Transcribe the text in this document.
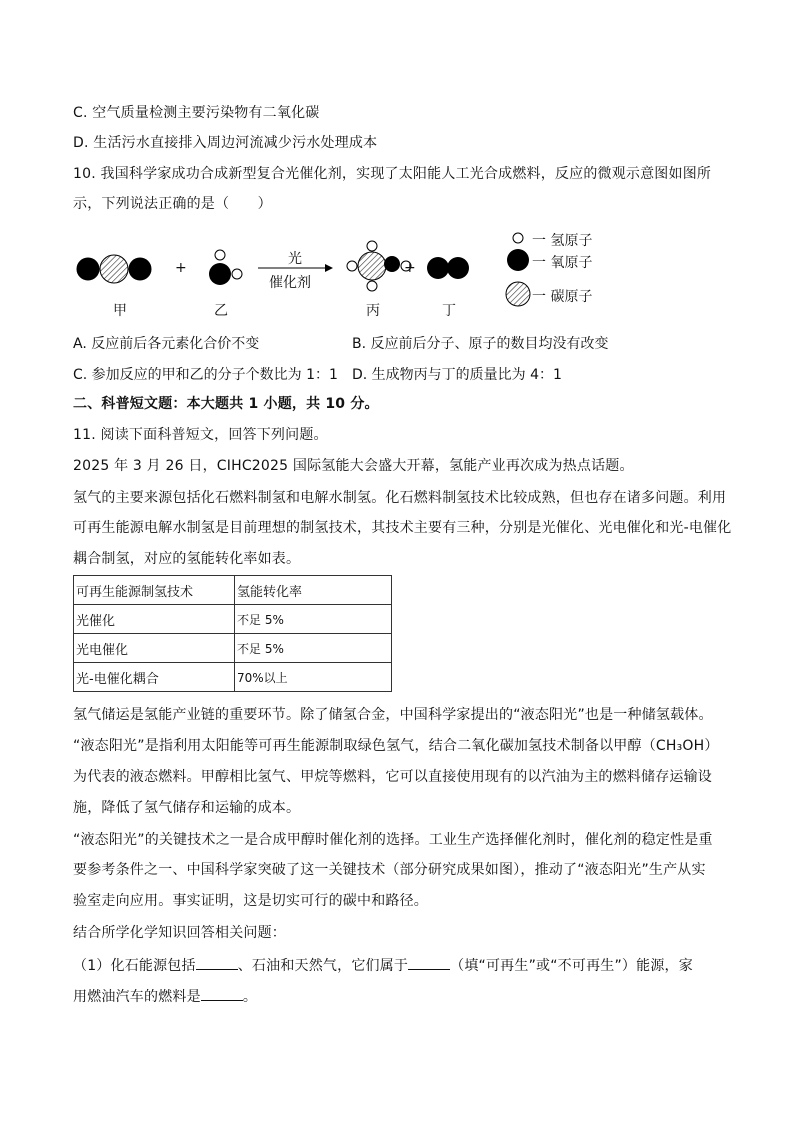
C. 空气质量检测主要污染物有二氧化碳
D. 生活污水直接排入周边河流减少污水处理成本
10. 我国科学家成功合成新型复合光催化剂，实现了太阳能人工光合成燃料，反应的微观示意图如图所
示，下列说法正确的是（　　）
+	+
光
催化剂
甲	乙	丙	丁
一 氢原子
一 氧原子
一 碳原子
A. 反应前后各元素化合价不变	B. 反应前后分子、原子的数目均没有改变
C. 参加反应的甲和乙的分子个数比为 1：1 D. 生成物丙与丁的质量比为 4：1
二、科普短文题：本大题共 1 小题，共 10 分。
11. 阅读下面科普短文，回答下列问题。
2025 年 3 月 26 日，CIHC2025 国际氢能大会盛大开幕，氢能产业再次成为热点话题。
氢气的主要来源包括化石燃料制氢和电解水制氢。化石燃料制氢技术比较成熟，但也存在诸多问题。利用
可再生能源电解水制氢是目前理想的制氢技术，其技术主要有三种，分别是光催化、光电催化和光-电催化
耦合制氢，对应的氢能转化率如表。
可再生能源制氢技术	氢能转化率
光催化	不足 5%
光电催化	不足 5%
光-电催化耦合	70%以上
氢气储运是氢能产业链的重要环节。除了储氢合金，中国科学家提出的“液态阳光”也是一种储氢载体。
“液态阳光”是指利用太阳能等可再生能源制取绿色氢气，结合二氧化碳加氢技术制备以甲醇（CH₃OH）
为代表的液态燃料。甲醇相比氢气、甲烷等燃料，它可以直接使用现有的以汽油为主的燃料储存运输设
施，降低了氢气储存和运输的成本。
“液态阳光”的关键技术之一是合成甲醇时催化剂的选择。工业生产选择催化剂时，催化剂的稳定性是重
要参考条件之一、中国科学家突破了这一关键技术（部分研究成果如图），推动了“液态阳光”生产从实
验室走向应用。事实证明，这是切实可行的碳中和路径。
结合所学化学知识回答相关问题：
（1）化石能源包括	、石油和天然气，它们属于	（填“可再生”或“不可再生”）能源，家
用燃油汽车的燃料是	。
